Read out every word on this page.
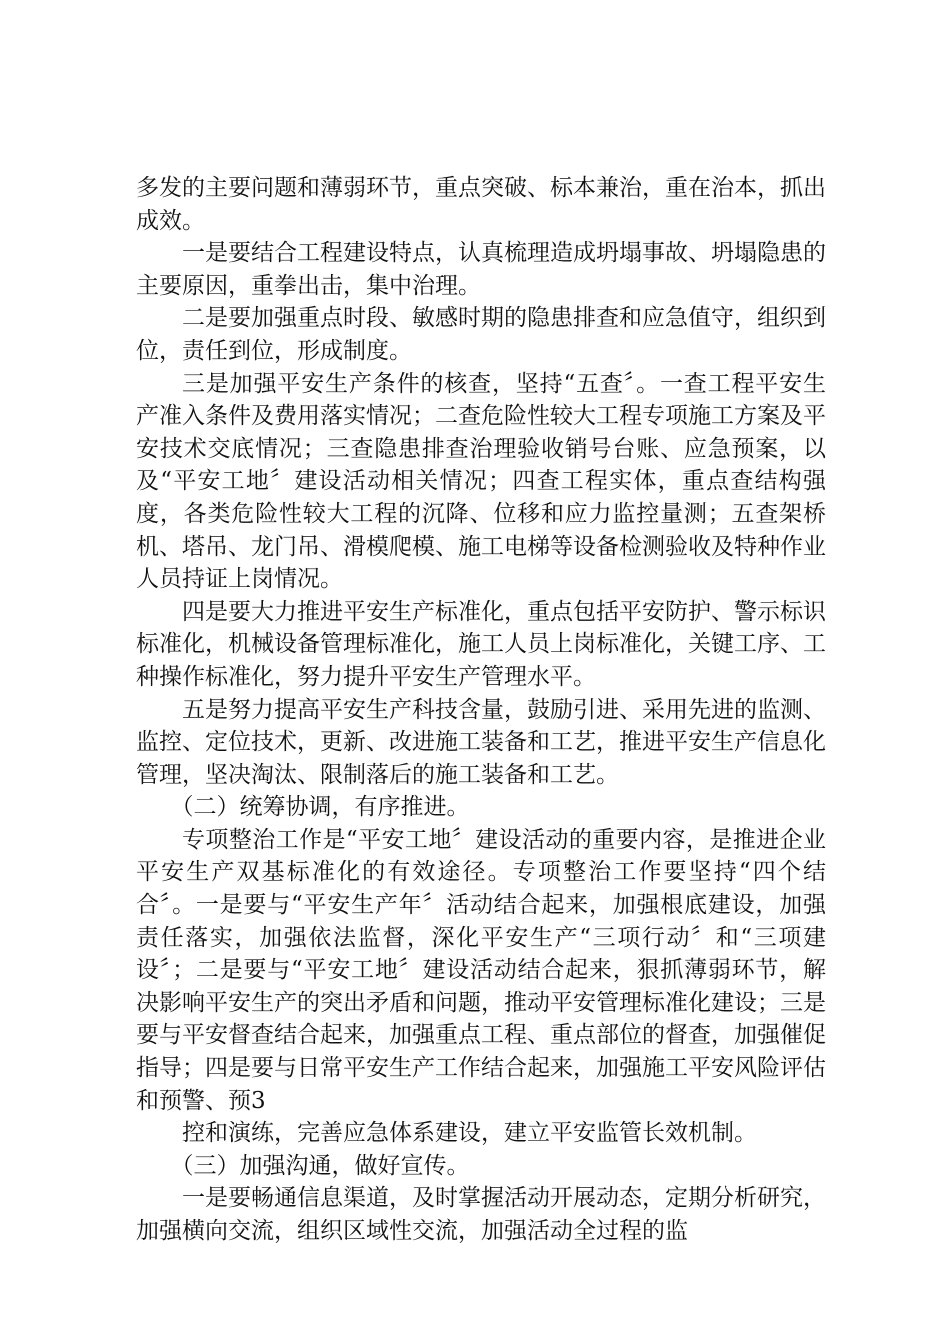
多发的主要问题和薄弱环节，重点突破、标本兼治，重在治本，抓出成效。

一是要结合工程建设特点，认真梳理造成坍塌事故、坍塌隐患的主要原因，重拳出击，集中治理。

二是要加强重点时段、敏感时期的隐患排查和应急值守，组织到位，责任到位，形成制度。

三是加强平安生产条件的核查，坚持“五查〞。一查工程平安生产准入条件及费用落实情况；二查危险性较大工程专项施工方案及平安技术交底情况；三查隐患排查治理验收销号台账、应急预案，以及“平安工地〞建设活动相关情况；四查工程实体，重点查结构强度，各类危险性较大工程的沉降、位移和应力监控量测；五查架桥机、塔吊、龙门吊、滑模爬模、施工电梯等设备检测验收及特种作业人员持证上岗情况。

四是要大力推进平安生产标准化，重点包括平安防护、警示标识标准化，机械设备管理标准化，施工人员上岗标准化，关键工序、工种操作标准化，努力提升平安生产管理水平。

五是努力提高平安生产科技含量，鼓励引进、采用先进的监测、监控、定位技术，更新、改进施工装备和工艺，推进平安生产信息化管理，坚决淘汰、限制落后的施工装备和工艺。

（二）统筹协调，有序推进。

专项整治工作是“平安工地〞建设活动的重要内容，是推进企业平安生产双基标准化的有效途径。专项整治工作要坚持“四个结合〞。一是要与“平安生产年〞活动结合起来，加强根底建设，加强责任落实，加强依法监督，深化平安生产“三项行动〞和“三项建设〞；二是要与“平安工地〞建设活动结合起来，狠抓薄弱环节，解决影响平安生产的突出矛盾和问题，推动平安管理标准化建设；三是要与平安督查结合起来，加强重点工程、重点部位的督查，加强催促指导；四是要与日常平安生产工作结合起来，加强施工平安风险评估和预警、预3

控和演练，完善应急体系建设，建立平安监管长效机制。

（三）加强沟通，做好宣传。

一是要畅通信息渠道，及时掌握活动开展动态，定期分析研究，加强横向交流，组织区域性交流，加强活动全过程的监
